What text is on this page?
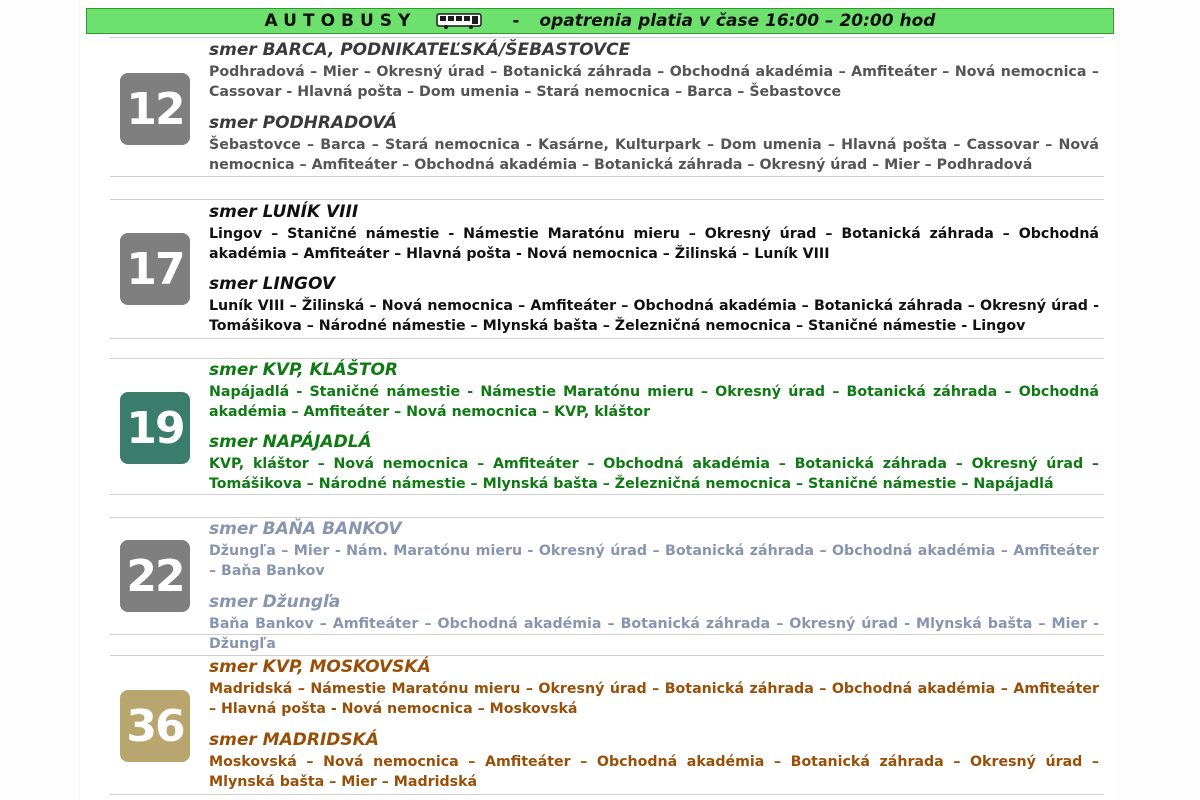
AUTOBUSY	- opatrenia platia v čase 16:00 – 20:00 hod
12
smer BARCA, PODNIKATEĽSKÁ/ŠEBASTOVCE
Podhradová – Mier – Okresný úrad – Botanická záhrada – Obchodná akadémia – Amfiteáter – Nová nemocnica – Cassovar - Hlavná pošta – Dom umenia – Stará nemocnica – Barca – Šebastovce
smer PODHRADOVÁ
Šebastovce – Barca – Stará nemocnica - Kasárne, Kulturpark – Dom umenia – Hlavná pošta – Cassovar – Nová nemocnica – Amfiteáter – Obchodná akadémia – Botanická záhrada – Okresný úrad – Mier – Podhradová
17
smer LUNÍK VIII
Lingov – Staničné námestie - Námestie Maratónu mieru – Okresný úrad – Botanická záhrada – Obchodná akadémia – Amfiteáter – Hlavná pošta - Nová nemocnica – Žilinská – Luník VIII
smer LINGOV
Luník VIII – Žilinská – Nová nemocnica – Amfiteáter – Obchodná akadémia – Botanická záhrada – Okresný úrad - Tomášikova – Národné námestie – Mlynská bašta – Železničná nemocnica – Staničné námestie - Lingov
19
smer KVP, KLÁŠTOR
Napájadlá - Staničné námestie - Námestie Maratónu mieru – Okresný úrad – Botanická záhrada – Obchodná akadémia – Amfiteáter – Nová nemocnica – KVP, kláštor
smer NAPÁJADLÁ
KVP, kláštor – Nová nemocnica – Amfiteáter – Obchodná akadémia – Botanická záhrada – Okresný úrad – Tomášikova – Národné námestie – Mlynská bašta – Železničná nemocnica – Staničné námestie – Napájadlá
22
smer BAŇA BANKOV
Džungľa – Mier - Nám. Maratónu mieru - Okresný úrad – Botanická záhrada – Obchodná akadémia – Amfiteáter – Baňa Bankov
smer Džungľa
Baňa Bankov – Amfiteáter – Obchodná akadémia – Botanická záhrada – Okresný úrad - Mlynská bašta – Mier - Džungľa
36
smer KVP, MOSKOVSKÁ
Madridská – Námestie Maratónu mieru – Okresný úrad – Botanická záhrada – Obchodná akadémia – Amfiteáter – Hlavná pošta - Nová nemocnica – Moskovská
smer MADRIDSKÁ
Moskovská – Nová nemocnica – Amfiteáter – Obchodná akadémia – Botanická záhrada – Okresný úrad – Mlynská bašta – Mier – Madridská
